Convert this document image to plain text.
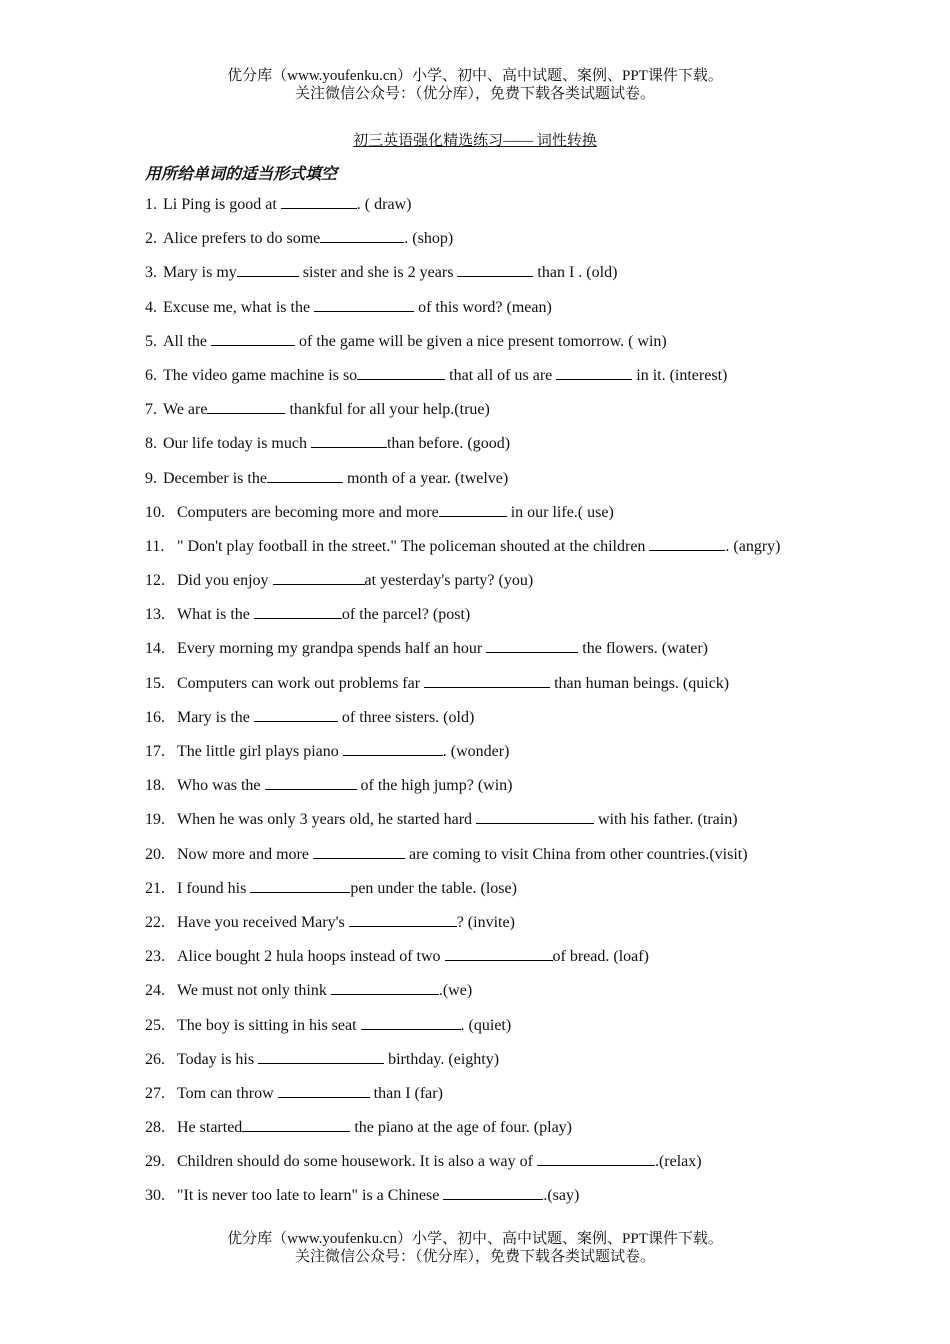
优分库（www.youfenku.cn）小学、初中、高中试题、案例、PPT课件下载。
关注微信公众号：（优分库），免费下载各类试题试卷。
初三英语强化精选练习—— 词性转换
用所给单词的适当形式填空
1. Li Ping is good at	. ( draw)
2. Alice prefers to do some	. (shop)
3. Mary is my	sister and she is 2 years	than I . (old)
4. Excuse me, what is the	of this word? (mean)
5. All the	of the game will be given a nice present tomorrow. ( win)
6. The video game machine is so	that all of us are	in it. (interest)
7. We are	thankful for all your help.(true)
8. Our life today is much	than before. (good)
9. December is the	month of a year. (twelve)
10. Computers are becoming more and more	in our life.( use)
11. " Don't play football in the street." The policeman shouted at the children	. (angry)
12. Did you enjoy	at yesterday's party? (you)
13. What is the	of the parcel? (post)
14. Every morning my grandpa spends half an hour	the flowers. (water)
15. Computers can work out problems far	than human beings. (quick)
16. Mary is the	of three sisters. (old)
17. The little girl plays piano	. (wonder)
18. Who was the	of the high jump? (win)
19. When he was only 3 years old, he started hard	with his father. (train)
20. Now more and more	are coming to visit China from other countries.(visit)
21. I found his	pen under the table. (lose)
22. Have you received Mary's	? (invite)
23. Alice bought 2 hula hoops instead of two	of bread. (loaf)
24. We must not only think	.(we)
25. The boy is sitting in his seat	. (quiet)
26. Today is his	birthday. (eighty)
27. Tom can throw	than I (far)
28. He started	the piano at the age of four. (play)
29. Children should do some housework. It is also a way of	.(relax)
30. "It is never too late to learn" is a Chinese	.(say)
优分库（www.youfenku.cn）小学、初中、高中试题、案例、PPT课件下载。
关注微信公众号：（优分库），免费下载各类试题试卷。
